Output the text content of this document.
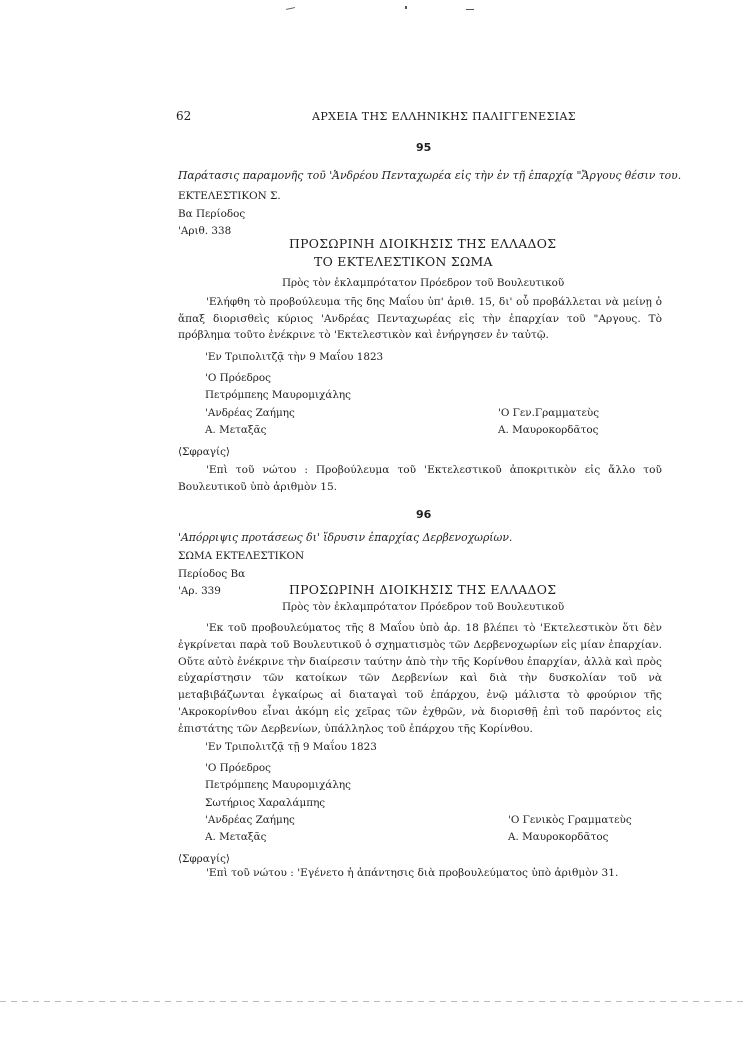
62	ΑΡΧΕΙΑ ΤΗΣ ΕΛΛΗΝΙΚΗΣ ΠΑΛΙΓΓΕΝΕΣΙΑΣ
95
Παράτασις παραμονῆς τοῦ 'Ἀνδρέου Πενταχωρέα εἰς τὴν ἐν τῇ ἐπαρχίᾳ "Ἄργους θέσιν του.
ΕΚΤΕΛΕΣΤΙΚΟΝ Σ.
Βα Περίοδος
'Αριθ. 338
ΠΡΟΣΩΡΙΝΗ ΔΙΟΙΚΗΣΙΣ ΤΗΣ ΕΛΛΑΔΟΣ
ΤΟ ΕΚΤΕΛΕΣΤΙΚΟΝ ΣΩΜΑ
Πρὸς τὸν ἐκλαμπρότατον Πρόεδρον τοῦ Βουλευτικοῦ

'Ελήφθη τὸ προβούλευμα τῆς δης Μαΐου ὑπ' ἀριθ. 15, δι' οὗ προβάλλεται νὰ μείνῃ ὁ ἅπαξ διορισθεὶς κύριος 'Ανδρέας Πενταχωρέας εἰς τὴν ἐπαρχίαν τοῦ "Αργους. Τὸ πρόβλημα τοῦτο ἐνέκρινε τὸ 'Εκτελεστικὸν καὶ ἐνήργησεν ἐν ταὐτῷ.

'Εν Τριπολιτζᾷ τὴν 9 Μαΐου 1823
'Ο Πρόεδρος
Πετρόμπεης Μαυρομιχάλης
'Ανδρέας Ζαήμης
Α. Μεταξᾶς
'Ο Γεν.Γραμματεὺς
Α. Μαυροκορδᾶτος
⟨Σφραγίς⟩

'Επὶ τοῦ νώτου : Προβούλευμα τοῦ 'Εκτελεστικοῦ ἀποκριτικὸν εἰς ἄλλο τοῦ Βουλευτικοῦ ὑπὸ ἀριθμὸν 15.

96
'Απόρριψις προτάσεως δι' ἵδρυσιν ἐπαρχίας Δερβενοχωρίων.
ΣΩΜΑ ΕΚΤΕΛΕΣΤΙΚΟΝ
Περίοδος Βα
'Αρ. 339	ΠΡΟΣΩΡΙΝΗ ΔΙΟΙΚΗΣΙΣ ΤΗΣ ΕΛΛΑΔΟΣ
Πρὸς τὸν ἐκλαμπρότατον Πρόεδρον τοῦ Βουλευτικοῦ

'Εκ τοῦ προβουλεύματος τῆς 8 Μαΐου ὑπὸ ἀρ. 18 βλέπει τὸ 'Εκτελεστικὸν ὅτι δὲν ἐγκρίνεται παρὰ τοῦ Βουλευτικοῦ ὁ σχηματισμὸς τῶν Δερβενοχωρίων εἰς μίαν ἐπαρχίαν. Οὔτε αὐτὸ ἐνέκρινε τὴν διαίρεσιν ταύτην ἀπὸ τὴν τῆς Κορίνθου ἐπαρχίαν, ἀλλὰ καὶ πρὸς εὐχαρίστησιν τῶν κατοίκων τῶν Δερβενίων καὶ διὰ τὴν δυσκολίαν τοῦ νὰ μεταβιβάζωνται ἐγκαίρως αἱ διαταγαὶ τοῦ ἐπάρχου, ἐνῷ μάλιστα τὸ φρούριον τῆς 'Ακροκορίνθου εἶναι ἀκόμη εἰς χεῖρας τῶν ἐχθρῶν, νὰ διορισθῇ ἐπὶ τοῦ παρόντος εἰς ἐπιστάτης τῶν Δερβενίων, ὑπάλληλος τοῦ ἐπάρχου τῆς Κορίνθου.

'Εν Τριπολιτζᾷ τῇ 9 Μαΐου 1823
'Ο Πρόεδρος
Πετρόμπεης Μαυρομιχάλης
Σωτήριος Χαραλάμπης
'Ανδρέας Ζαήμης
Α. Μεταξᾶς
'Ο Γενικὸς Γραμματεὺς
Α. Μαυροκορδᾶτος
⟨Σφραγίς⟩

'Επὶ τοῦ νώτου : 'Εγένετο ἡ ἀπάντησις διὰ προβουλεύματος ὑπὸ ἀριθμὸν 31.
